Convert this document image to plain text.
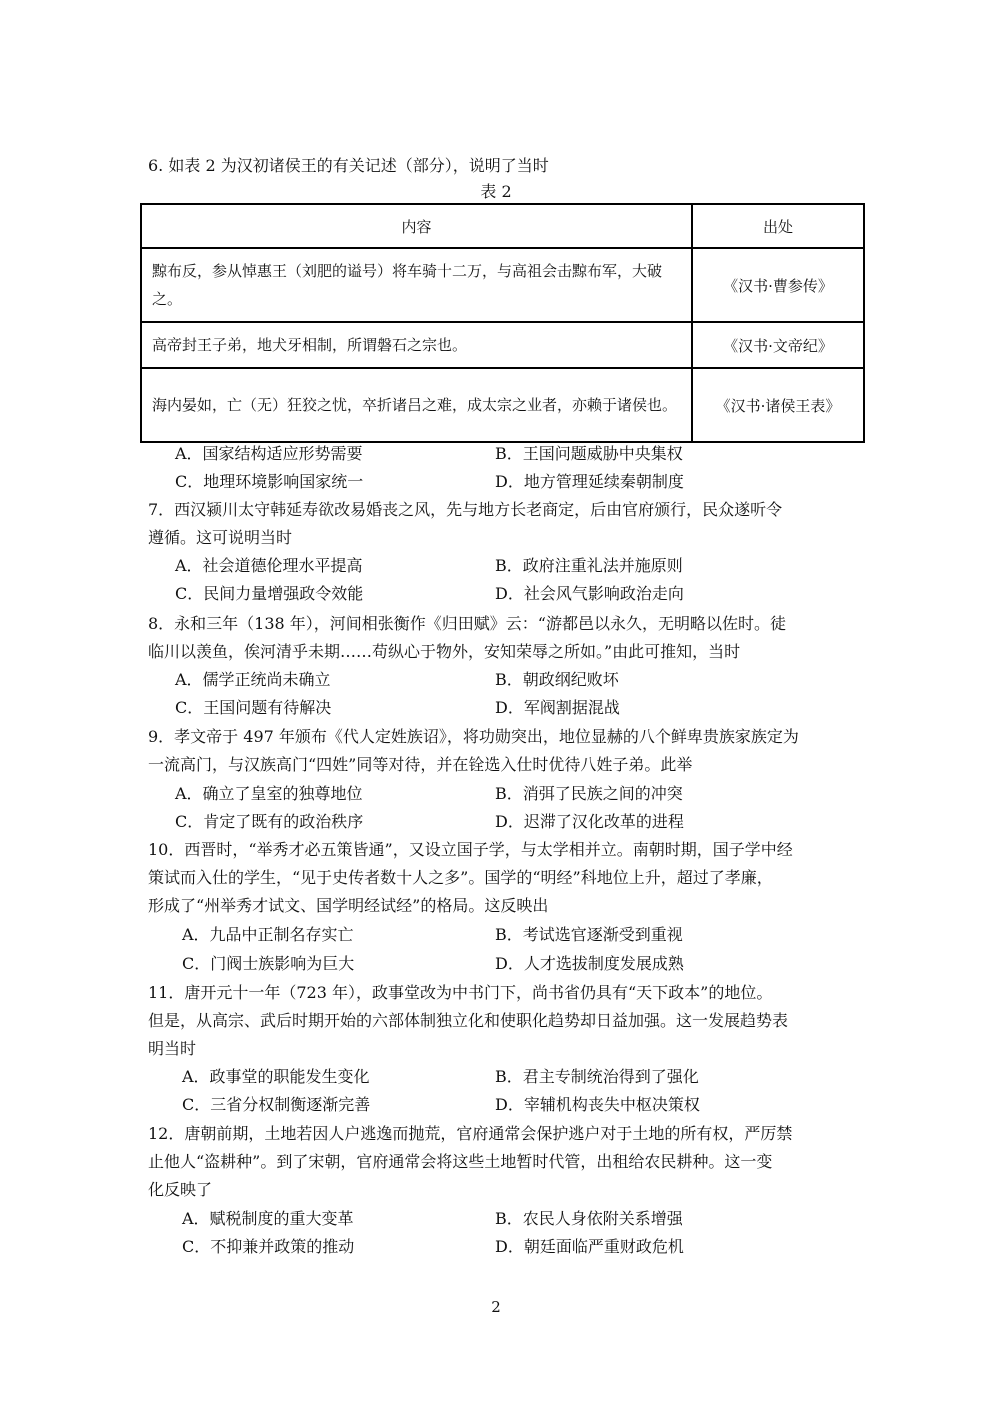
6. 如表 2 为汉初诸侯王的有关记述（部分），说明了当时
表 2
内容	出处
黥布反，参从悼惠王（刘肥的谥号）将车骑十二万，与高祖会击黥布军，大破之。	《汉书·曹参传》
高帝封王子弟，地犬牙相制，所谓磐石之宗也。	《汉书·文帝纪》
海内晏如，亡（无）狂狡之忧，卒折诸吕之难，成太宗之业者，亦赖于诸侯也。	《汉书·诸侯王表》
A．国家结构适应形势需要	B．王国问题威胁中央集权
C．地理环境影响国家统一	D．地方管理延续秦朝制度
7．西汉颍川太守韩延寿欲改易婚丧之风，先与地方长老商定，后由官府颁行，民众遂听令
遵循。这可说明当时
A．社会道德伦理水平提高	B．政府注重礼法并施原则
C．民间力量增强政令效能	D．社会风气影响政治走向
8．永和三年（138 年），河间相张衡作《归田赋》云：“游都邑以永久，无明略以佐时。徒
临川以羡鱼，俟河清乎未期……苟纵心于物外，安知荣辱之所如。”由此可推知，当时
A．儒学正统尚未确立	B．朝政纲纪败坏
C．王国问题有待解决	D．军阀割据混战
9．孝文帝于 497 年颁布《代人定姓族诏》，将功勋突出，地位显赫的八个鲜卑贵族家族定为
一流高门，与汉族高门“四姓”同等对待，并在铨选入仕时优待八姓子弟。此举
A．确立了皇室的独尊地位	B．消弭了民族之间的冲突
C．肯定了既有的政治秩序	D．迟滞了汉化改革的进程
10．西晋时，“举秀才必五策皆通”，又设立国子学，与太学相并立。南朝时期，国子学中经
策试而入仕的学生，“见于史传者数十人之多”。国学的“明经”科地位上升，超过了孝廉，
形成了“州举秀才试文、国学明经试经”的格局。这反映出
A．九品中正制名存实亡	B．考试选官逐渐受到重视
C．门阀士族影响为巨大	D．人才选拔制度发展成熟
11．唐开元十一年（723 年），政事堂改为中书门下，尚书省仍具有“天下政本”的地位。
但是，从高宗、武后时期开始的六部体制独立化和使职化趋势却日益加强。这一发展趋势表
明当时
A．政事堂的职能发生变化	B．君主专制统治得到了强化
C．三省分权制衡逐渐完善	D．宰辅机构丧失中枢决策权
12．唐朝前期，土地若因人户逃逸而抛荒，官府通常会保护逃户对于土地的所有权，严厉禁
止他人“盗耕种”。到了宋朝，官府通常会将这些土地暂时代管，出租给农民耕种。这一变
化反映了
A．赋税制度的重大变革	B．农民人身依附关系增强
C．不抑兼并政策的推动	D．朝廷面临严重财政危机
2
